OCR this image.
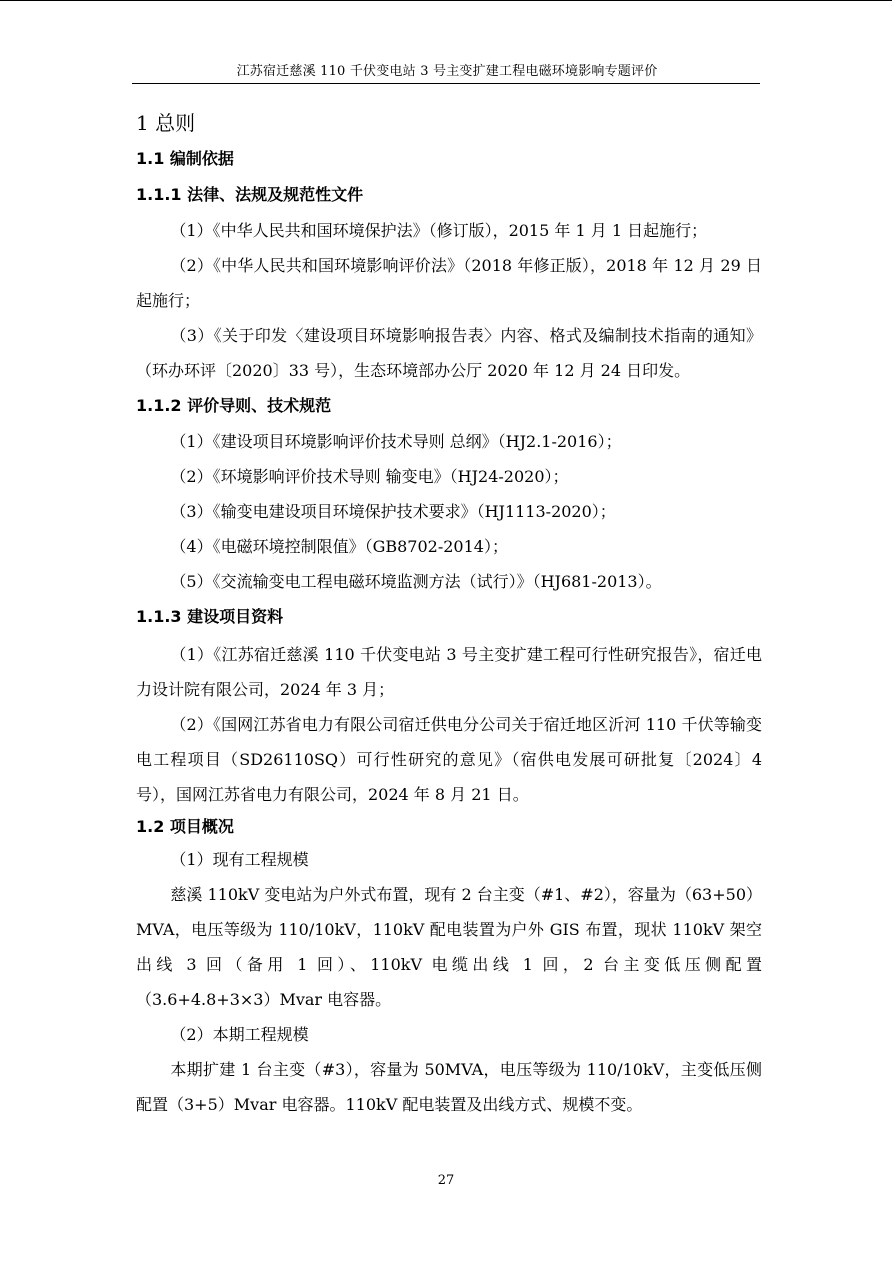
江苏宿迁慈溪 110 千伏变电站 3 号主变扩建工程电磁环境影响专题评价
1 总则
1.1 编制依据
1.1.1 法律、法规及规范性文件

（1）《中华人民共和国环境保护法》（修订版），2015 年 1 月 1 日起施行；

（2）《中华人民共和国环境影响评价法》（2018 年修正版），2018 年 12 月 29 日起施行；

（3）《关于印发〈建设项目环境影响报告表〉内容、格式及编制技术指南的通知》（环办环评〔2020〕33 号），生态环境部办公厅 2020 年 12 月 24 日印发。

1.1.2 评价导则、技术规范

（1）《建设项目环境影响评价技术导则 总纲》（HJ2.1-2016）；

（2）《环境影响评价技术导则 输变电》（HJ24-2020）；

（3）《输变电建设项目环境保护技术要求》（HJ1113-2020）；

（4）《电磁环境控制限值》（GB8702-2014）；

（5）《交流输变电工程电磁环境监测方法（试行）》（HJ681-2013）。

1.1.3 建设项目资料

（1）《江苏宿迁慈溪 110 千伏变电站 3 号主变扩建工程可行性研究报告》，宿迁电力设计院有限公司，2024 年 3 月；

（2）《国网江苏省电力有限公司宿迁供电分公司关于宿迁地区沂河 110 千伏等输变电工程项目（SD26110SQ）可行性研究的意见》（宿供电发展可研批复〔2024〕4 号），国网江苏省电力有限公司，2024 年 8 月 21 日。

1.2 项目概况

（1）现有工程规模

慈溪 110kV 变电站为户外式布置，现有 2 台主变（#1、#2），容量为（63+50）MVA，电压等级为 110/10kV，110kV 配电装置为户外 GIS 布置，现状 110kV 架空出线 3 回（备用 1 回）、110kV 电缆出线 1 回，2 台主变低压侧配置（3.6+4.8+3×3）Mvar 电容器。

（2）本期工程规模

本期扩建 1 台主变（#3），容量为 50MVA，电压等级为 110/10kV，主变低压侧配置（3+5）Mvar 电容器。110kV 配电装置及出线方式、规模不变。

27
